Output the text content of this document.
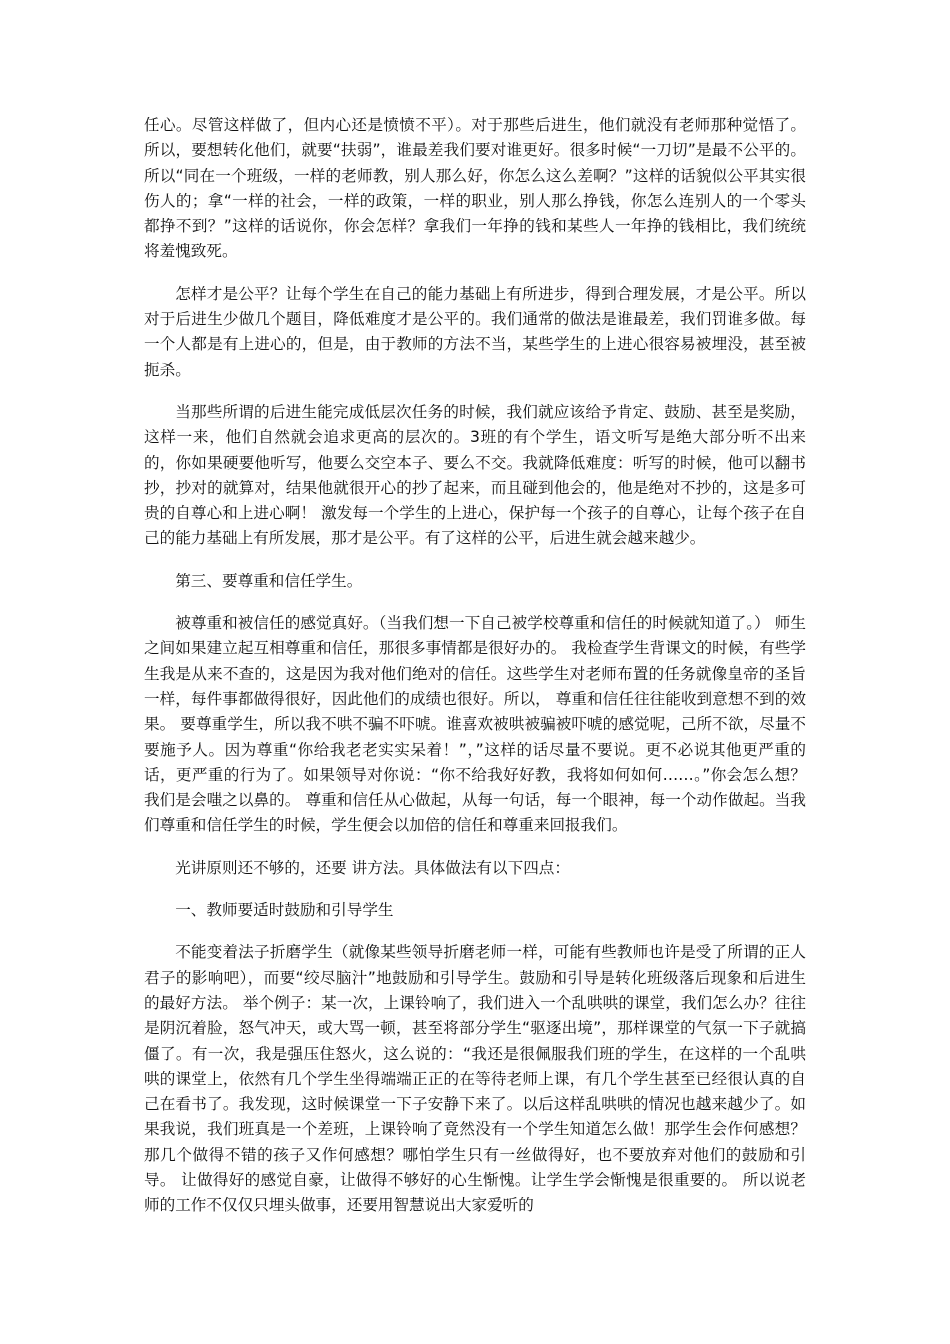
任心。尽管这样做了，但内心还是愤愤不平）。对于那些后进生，他们就没有老师那种觉悟了。所以，要想转化他们，就要“扶弱”，谁最差我们要对谁更好。很多时候“一刀切”是最不公平的。所以“同在一个班级，一样的老师教，别人那么好，你怎么这么差啊？”这样的话貌似公平其实很伤人的；拿“一样的社会，一样的政策，一样的职业，别人那么挣钱，你怎么连别人的一个零头都挣不到？”这样的话说你，你会怎样？拿我们一年挣的钱和某些人一年挣的钱相比，我们统统将羞愧致死。

怎样才是公平？让每个学生在自己的能力基础上有所进步，得到合理发展，才是公平。所以对于后进生少做几个题目，降低难度才是公平的。我们通常的做法是谁最差，我们罚谁多做。每一个人都是有上进心的，但是，由于教师的方法不当，某些学生的上进心很容易被埋没，甚至被扼杀。

当那些所谓的后进生能完成低层次任务的时候，我们就应该给予肯定、鼓励、甚至是奖励，这样一来，他们自然就会追求更高的层次的。3班的有个学生，语文听写是绝大部分听不出来的，你如果硬要他听写，他要么交空本子、要么不交。我就降低难度：听写的时候，他可以翻书抄，抄对的就算对，结果他就很开心的抄了起来，而且碰到他会的，他是绝对不抄的，这是多可贵的自尊心和上进心啊！ 激发每一个学生的上进心，保护每一个孩子的自尊心，让每个孩子在自己的能力基础上有所发展，那才是公平。有了这样的公平，后进生就会越来越少。

第三、要尊重和信任学生。

被尊重和被信任的感觉真好。（当我们想一下自己被学校尊重和信任的时候就知道了。） 师生之间如果建立起互相尊重和信任，那很多事情都是很好办的。 我检查学生背课文的时候，有些学生我是从来不查的，这是因为我对他们绝对的信任。这些学生对老师布置的任务就像皇帝的圣旨一样，每件事都做得很好，因此他们的成绩也很好。所以， 尊重和信任往往能收到意想不到的效果。 要尊重学生，所以我不哄不骗不吓唬。谁喜欢被哄被骗被吓唬的感觉呢，己所不欲，尽量不要施予人。因为尊重“你给我老老实实呆着！”，”这样的话尽量不要说。更不必说其他更严重的话，更严重的行为了。如果领导对你说：“你不给我好好教，我将如何如何……。”你会怎么想？我们是会嗤之以鼻的。 尊重和信任从心做起，从每一句话，每一个眼神，每一个动作做起。当我们尊重和信任学生的时候，学生便会以加倍的信任和尊重来回报我们。

光讲原则还不够的，还要 讲方法。具体做法有以下四点：

一、教师要适时鼓励和引导学生

不能变着法子折磨学生（就像某些领导折磨老师一样，可能有些教师也许是受了所谓的正人君子的影响吧），而要“绞尽脑汁”地鼓励和引导学生。鼓励和引导是转化班级落后现象和后进生的最好方法。 举个例子：某一次，上课铃响了，我们进入一个乱哄哄的课堂，我们怎么办？往往是阴沉着脸，怒气冲天，或大骂一顿，甚至将部分学生“驱逐出境”，那样课堂的气氛一下子就搞僵了。有一次，我是强压住怒火，这么说的：“我还是很佩服我们班的学生，在这样的一个乱哄哄的课堂上，依然有几个学生坐得端端正正的在等待老师上课，有几个学生甚至已经很认真的自己在看书了。我发现，这时候课堂一下子安静下来了。以后这样乱哄哄的情况也越来越少了。如果我说，我们班真是一个差班，上课铃响了竟然没有一个学生知道怎么做！那学生会作何感想？那几个做得不错的孩子又作何感想？哪怕学生只有一丝做得好，也不要放弃对他们的鼓励和引导。 让做得好的感觉自豪，让做得不够好的心生惭愧。让学生学会惭愧是很重要的。 所以说老师的工作不仅仅只埋头做事，还要用智慧说出大家爱听的
